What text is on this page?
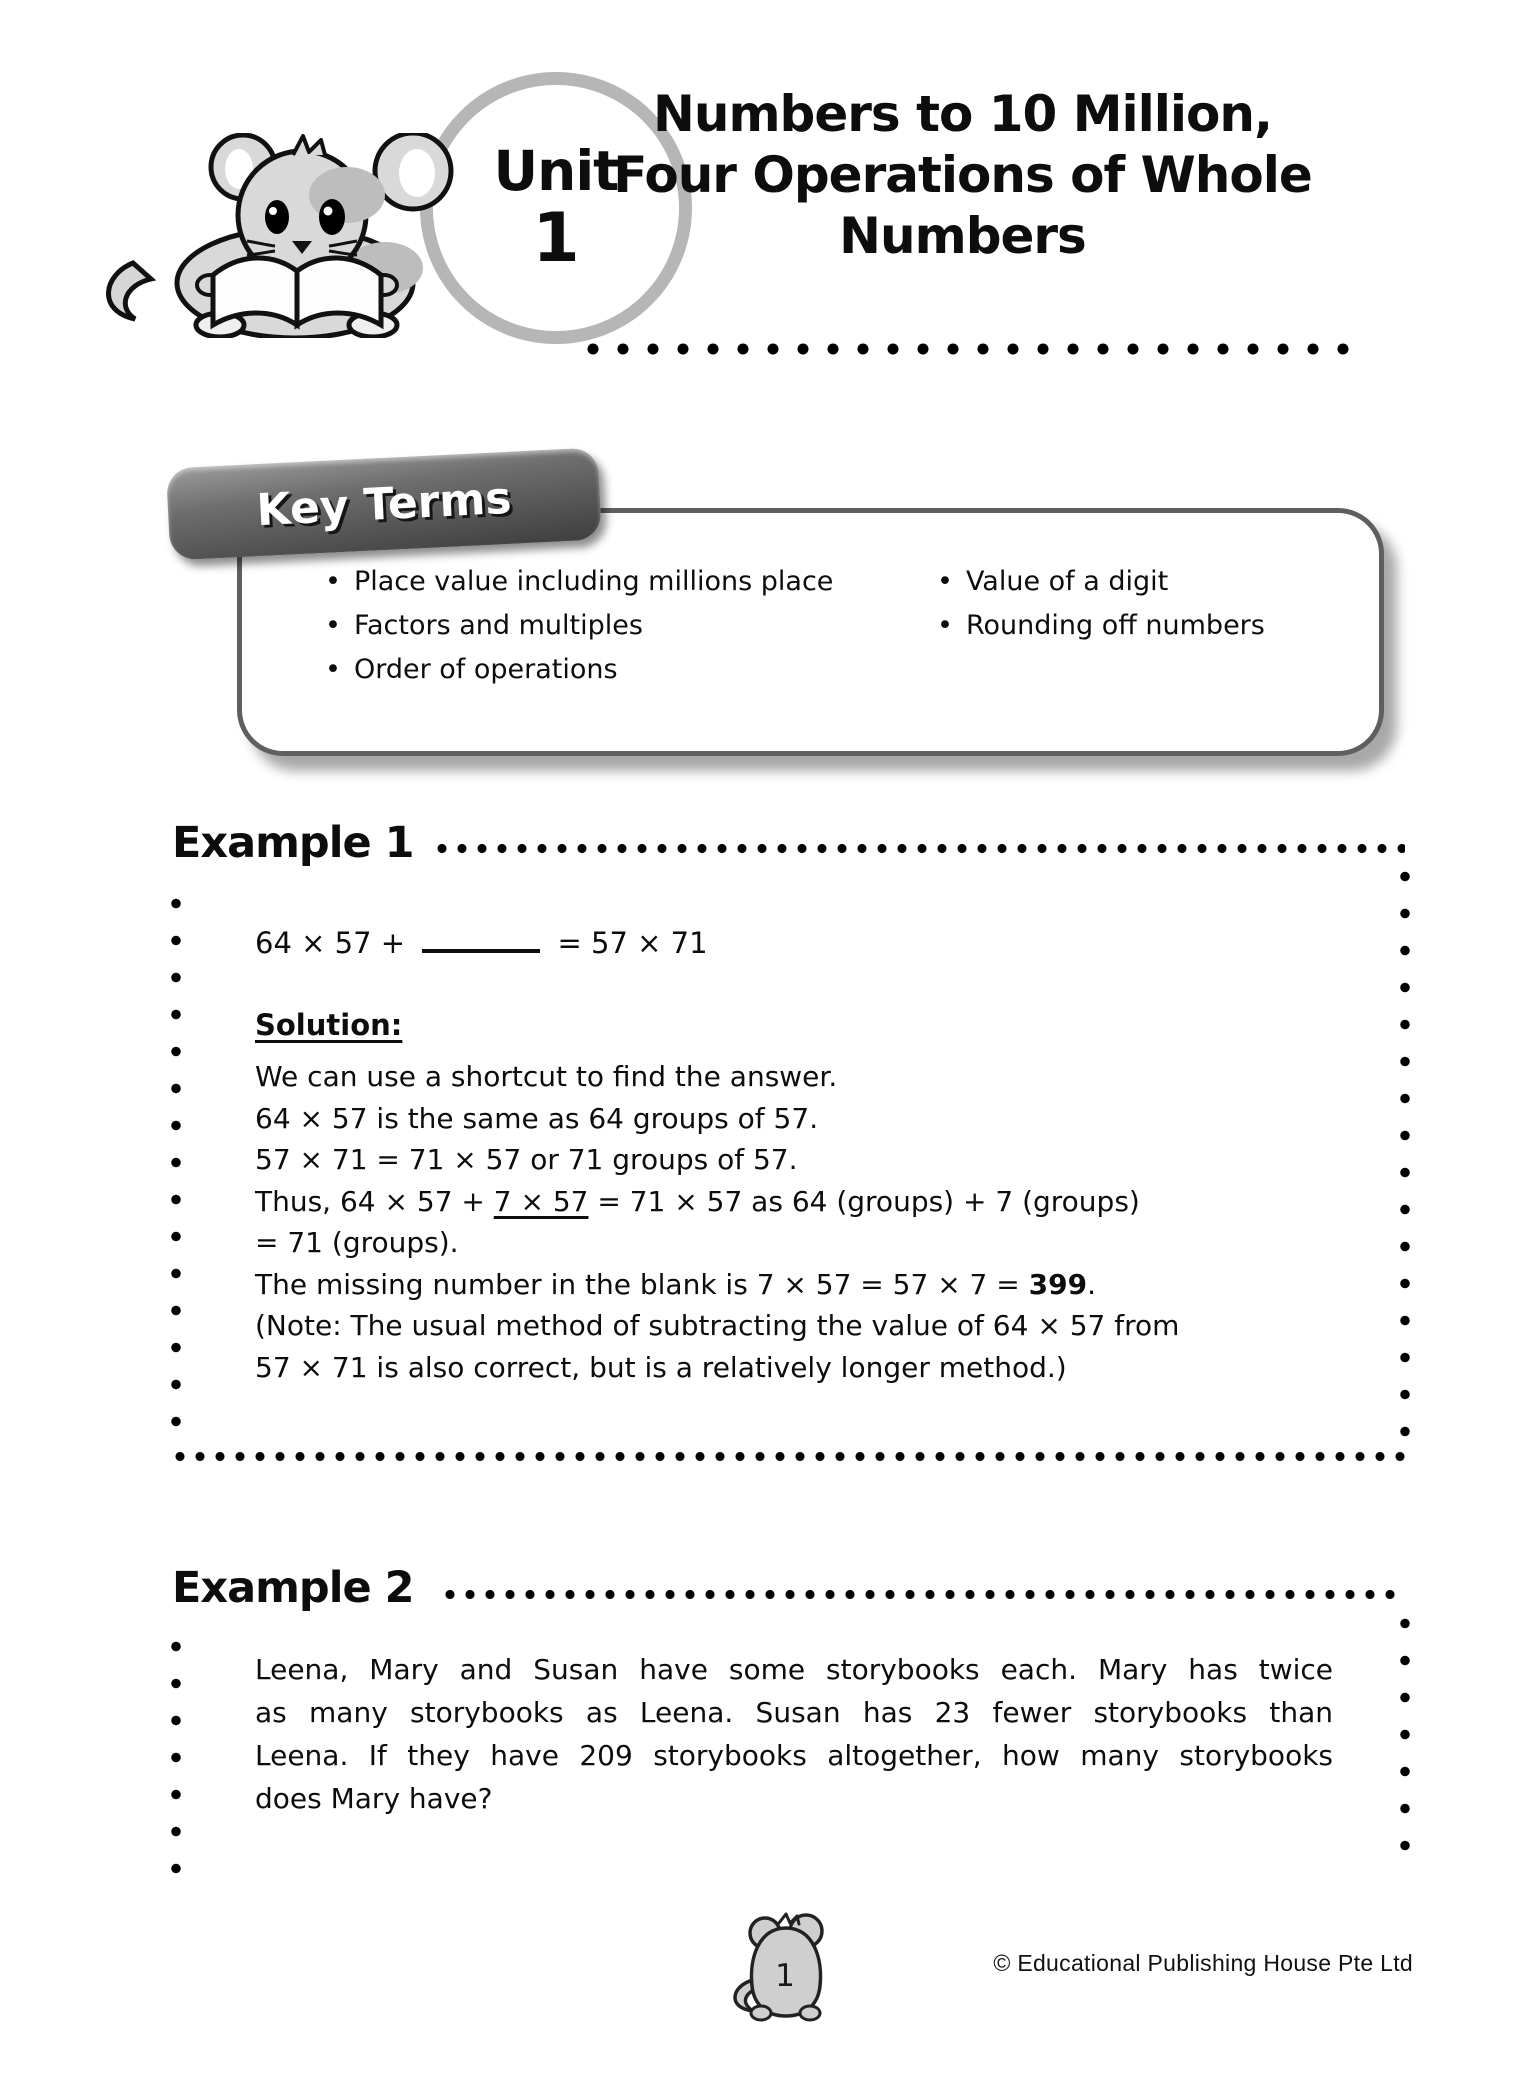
Unit
1
Numbers to 10 Million,
Four Operations of Whole
Numbers
Key Terms
• Place value including millions place
• Factors and multiples
• Order of operations
• Value of a digit
• Rounding off numbers
Example 1
64 × 57 +	= 57 × 71
Solution:
We can use a shortcut to find the answer.
64 × 57 is the same as 64 groups of 57.
57 × 71 = 71 × 57 or 71 groups of 57.
Thus, 64 × 57 + 7 × 57 = 71 × 57 as 64 (groups) + 7 (groups)
= 71 (groups).
The missing number in the blank is 7 × 57 = 57 × 7 = 399.
(Note: The usual method of subtracting the value of 64 × 57 from
57 × 71 is also correct, but is a relatively longer method.)
Example 2
Leena, Mary and Susan have some storybooks each. Mary has twice
as many storybooks as Leena. Susan has 23 fewer storybooks than
Leena. If they have 209 storybooks altogether, how many storybooks
does Mary have?
1	© Educational Publishing House Pte Ltd
